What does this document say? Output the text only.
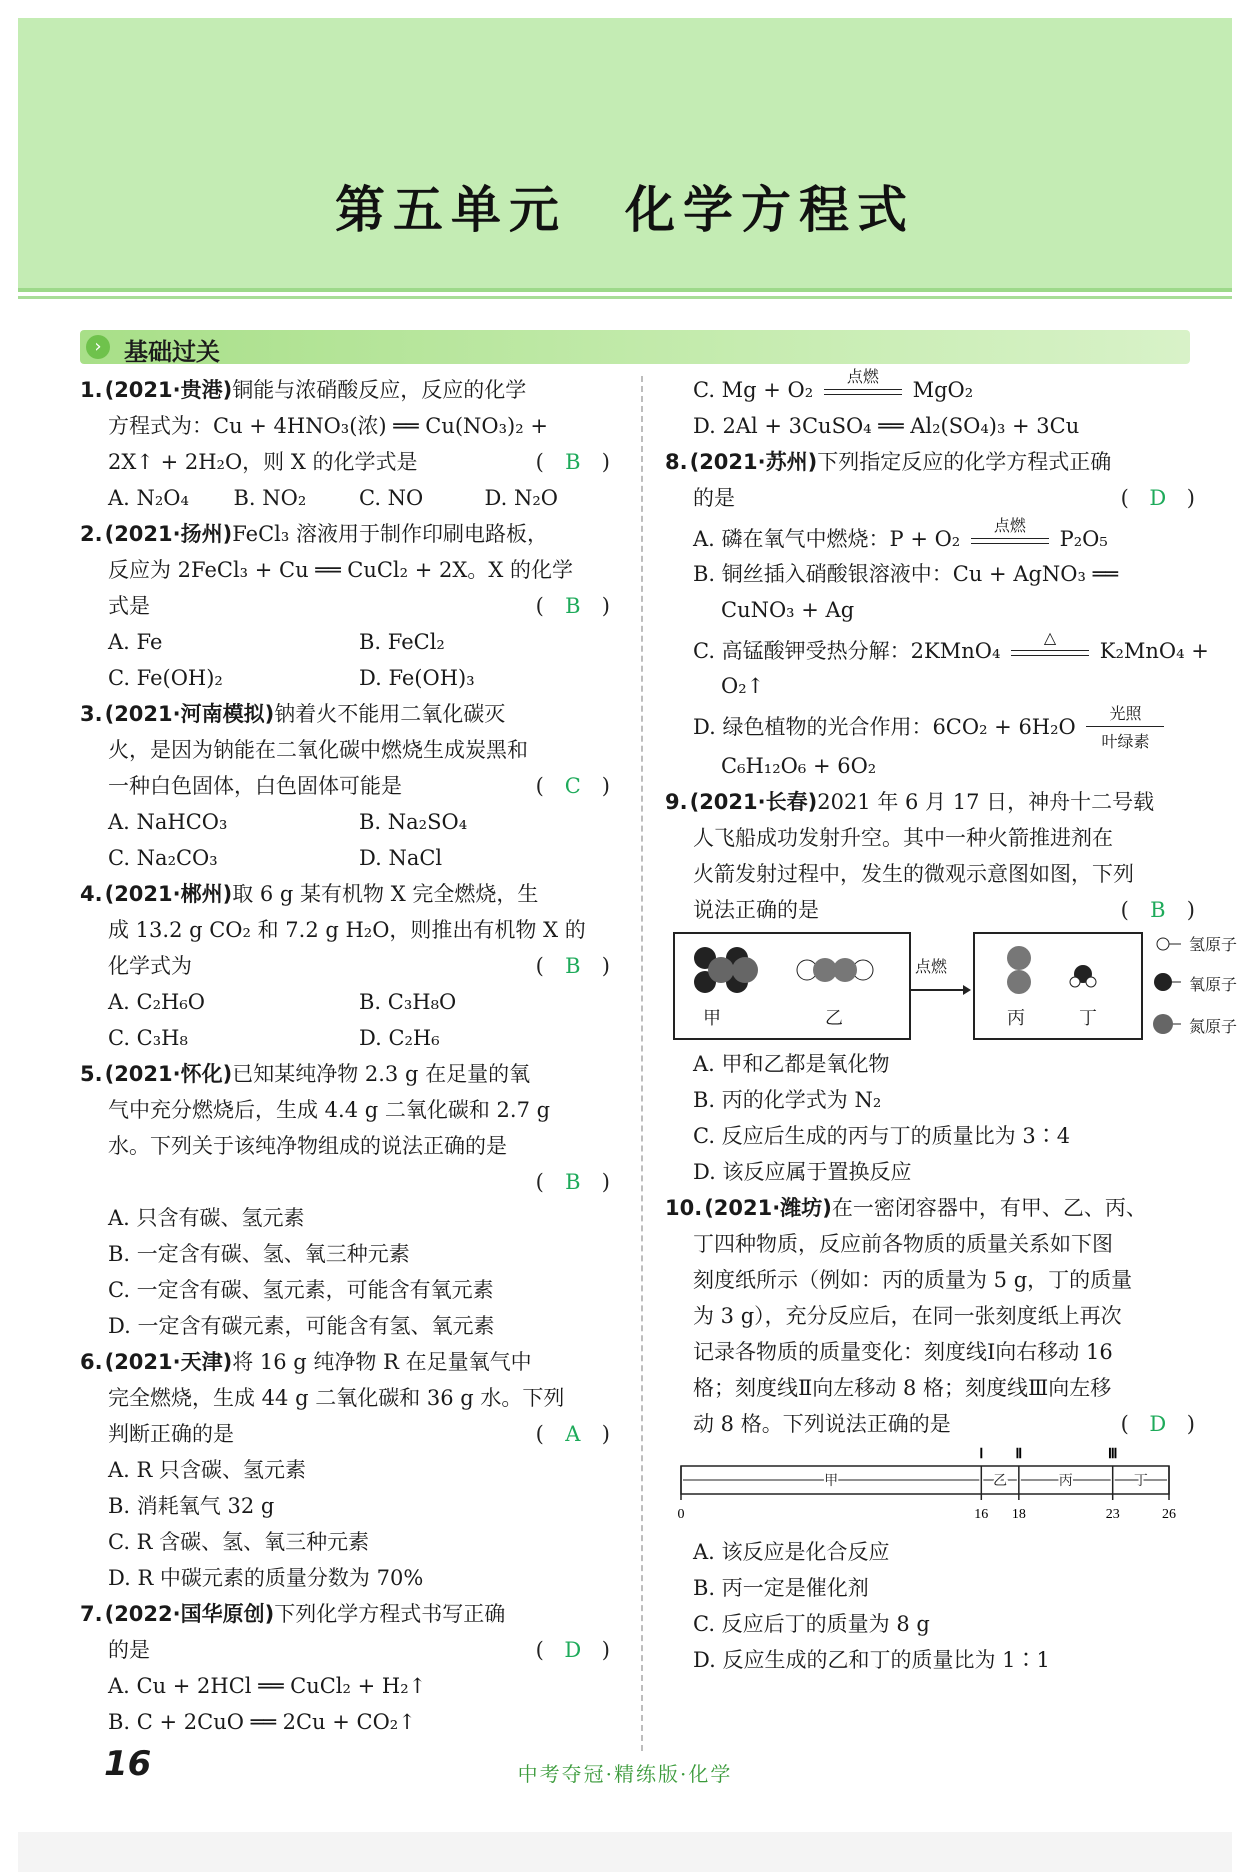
第五单元　化学方程式
› 基础过关
1.(2021·贵港)铜能与浓硝酸反应，反应的化学
方程式为：Cu + 4HNO₃(浓) ══ Cu(NO₃)₂ +
2X↑ + 2H₂O，则 X 的化学式是	( B )
A. N₂O₄	B. NO₂	C. NO	D. N₂O
2.(2021·扬州)FeCl₃ 溶液用于制作印刷电路板，
反应为 2FeCl₃ + Cu ══ CuCl₂ + 2X。X 的化学
式是	( B )
A. Fe	B. FeCl₂
C. Fe(OH)₂	D. Fe(OH)₃
3.(2021·河南模拟)钠着火不能用二氧化碳灭
火，是因为钠能在二氧化碳中燃烧生成炭黑和
一种白色固体，白色固体可能是	( C )
A. NaHCO₃	B. Na₂SO₄
C. Na₂CO₃	D. NaCl
4.(2021·郴州)取 6 g 某有机物 X 完全燃烧，生
成 13.2 g CO₂ 和 7.2 g H₂O，则推出有机物 X 的
化学式为	( B )
A. C₂H₆O	B. C₃H₈O
C. C₃H₈	D. C₂H₆
5.(2021·怀化)已知某纯净物 2.3 g 在足量的氧
气中充分燃烧后，生成 4.4 g 二氧化碳和 2.7 g
水。下列关于该纯净物组成的说法正确的是
( B )
A. 只含有碳、氢元素
B. 一定含有碳、氢、氧三种元素
C. 一定含有碳、氢元素，可能含有氧元素
D. 一定含有碳元素，可能含有氢、氧元素
6.(2021·天津)将 16 g 纯净物 R 在足量氧气中
完全燃烧，生成 44 g 二氧化碳和 36 g 水。下列
判断正确的是	( A )
A. R 只含碳、氢元素
B. 消耗氧气 32 g
C. R 含碳、氢、氧三种元素
D. R 中碳元素的质量分数为 70%
7.(2022·国华原创)下列化学方程式书写正确
的是	( D )
A. Cu + 2HCl ══ CuCl₂ + H₂↑
B. C + 2CuO ══ 2Cu + CO₂↑
C. Mg + O₂
点燃
MgO₂
D. 2Al + 3CuSO₄ ══ Al₂(SO₄)₃ + 3Cu
8.(2021·苏州)下列指定反应的化学方程式正确
的是	( D )
A. 磷在氧气中燃烧：P + O₂
点燃
P₂O₅
B. 铜丝插入硝酸银溶液中：Cu + AgNO₃ ══
CuNO₃ + Ag
C. 高锰酸钾受热分解：2KMnO₄
△
K₂MnO₄ +
O₂↑
D. 绿色植物的光合作用：6CO₂ + 6H₂O
光照
叶绿素
C₆H₁₂O₆ + 6O₂
9.(2021·长春)2021 年 6 月 17 日，神舟十二号载
人飞船成功发射升空。其中一种火箭推进剂在
火箭发射过程中，发生的微观示意图如图，下列
说法正确的是	( B )
甲	乙
点燃
丙	丁
氢原子
氧原子
氮原子
A. 甲和乙都是氧化物
B. 丙的化学式为 N₂
C. 反应后生成的丙与丁的质量比为 3∶4
D. 该反应属于置换反应
10.(2021·潍坊)在一密闭容器中，有甲、乙、丙、
丁四种物质，反应前各物质的质量关系如下图
刻度纸所示（例如：丙的质量为 5 g，丁的质量
为 3 g），充分反应后，在同一张刻度纸上再次
记录各物质的质量变化：刻度线Ⅰ向右移动 16
格；刻度线Ⅱ向左移动 8 格；刻度线Ⅲ向左移
动 8 格。下列说法正确的是	( D )
0	16 18	23	26
Ⅰ Ⅱ	Ⅲ
甲	乙	丙	丁
A. 该反应是化合反应
B. 丙一定是催化剂
C. 反应后丁的质量为 8 g
D. 反应生成的乙和丁的质量比为 1∶1
16	中考夺冠·精练版·化学
